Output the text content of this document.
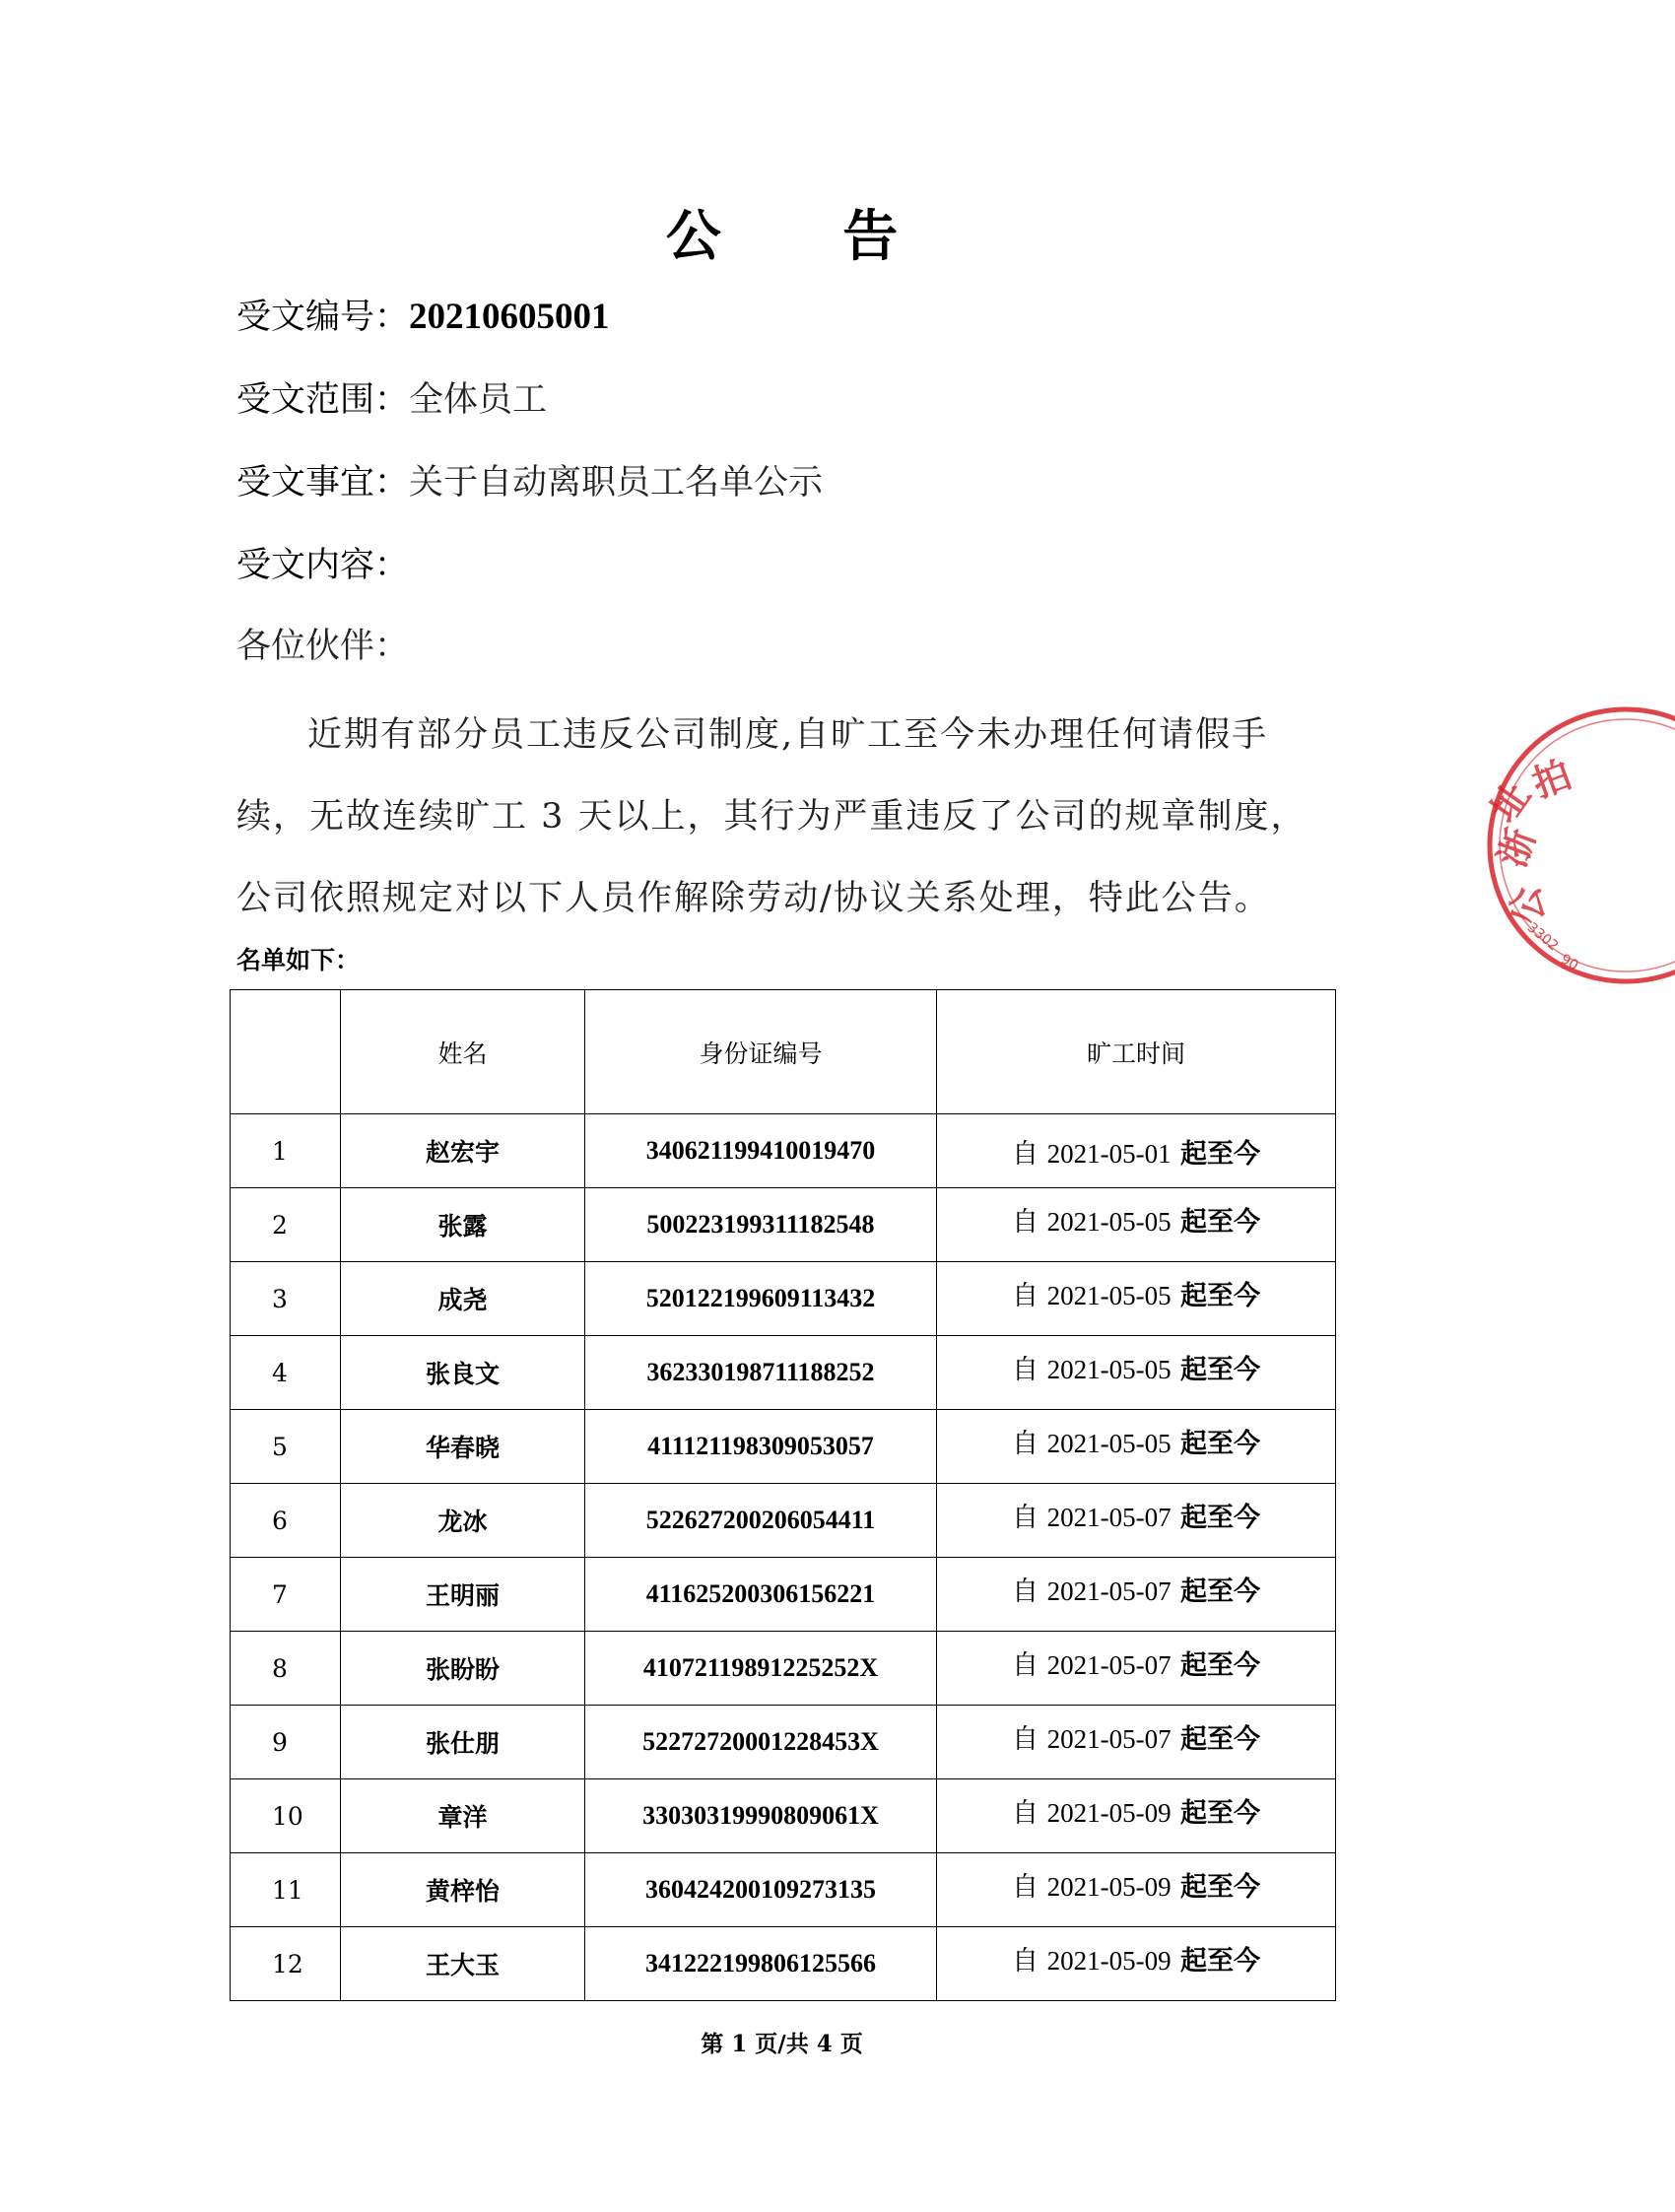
公 告
受文编号：20210605001
受文范围：全体员工
受文事宜：关于自动离职员工名单公示
受文内容：
各位伙伴：
近期有部分员工违反公司制度,自旷工至今未办理任何请假手续，无故连续旷工 3 天以上，其行为严重违反了公司的规章制度，公司依照规定对以下人员作解除劳动/协议关系处理，特此公告。
名单如下：
	姓名	身份证编号	旷工时间
1	赵宏宇	340621199410019470	自 2021-05-01 起至今
2	张露	500223199311182548	自 2021-05-05 起至今
3	成尧	520122199609113432	自 2021-05-05 起至今
4	张良文	362330198711188252	自 2021-05-05 起至今
5	华春晓	411121198309053057	自 2021-05-05 起至今
6	龙冰	522627200206054411	自 2021-05-07 起至今
7	王明丽	411625200306156221	自 2021-05-07 起至今
8	张盼盼	41072119891225252X	自 2021-05-07 起至今
9	张仕朋	52272720001228453X	自 2021-05-07 起至今
10	章洋	33030319990809061X	自 2021-05-09 起至今
11	黄梓怡	360424200109273135	自 2021-05-09 起至今
12	王大玉	341222199806125566	自 2021-05-09 起至今
第 1 页/共 4 页
址
拍
浙
公
3302
90
